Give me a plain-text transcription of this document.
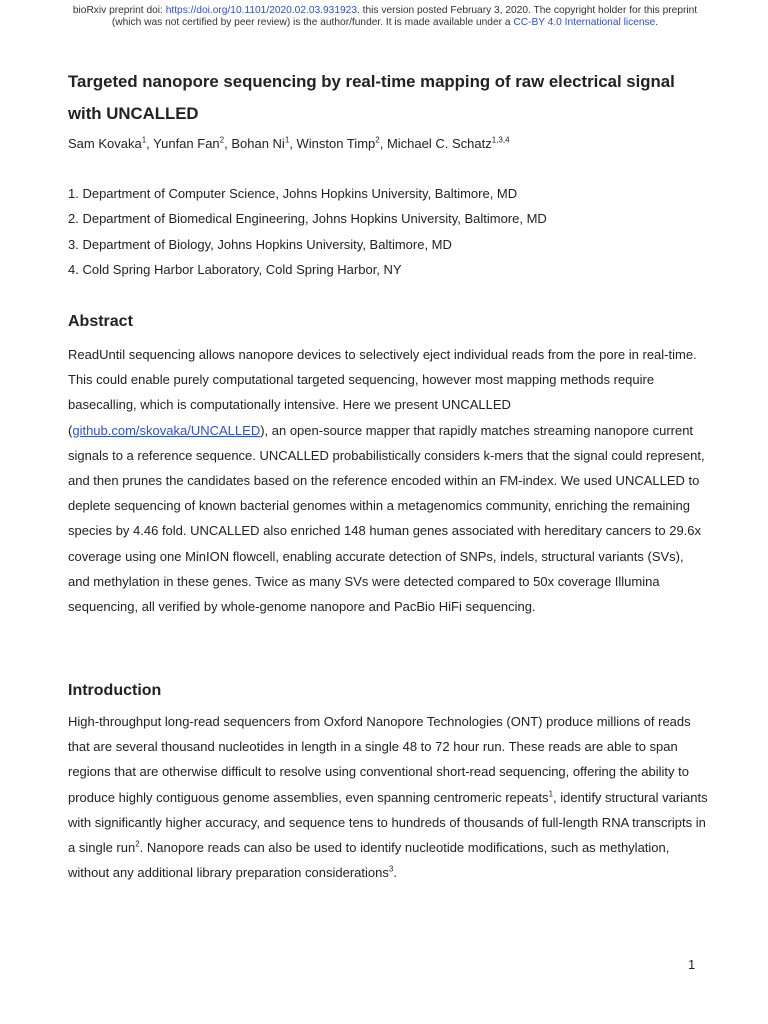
bioRxiv preprint doi: https://doi.org/10.1101/2020.02.03.931923. this version posted February 3, 2020. The copyright holder for this preprint
(which was not certified by peer review) is the author/funder. It is made available under a CC-BY 4.0 International license.
Targeted nanopore sequencing by real-time mapping of raw electrical signal with UNCALLED
Sam Kovaka$^1$, Yunfan Fan$^2$, Bohan Ni$^1$, Winston Timp$^2$, Michael C. Schatz$^{1,3,4}$
1. Department of Computer Science, Johns Hopkins University, Baltimore, MD
2. Department of Biomedical Engineering, Johns Hopkins University, Baltimore, MD
3. Department of Biology, Johns Hopkins University, Baltimore, MD
4. Cold Spring Harbor Laboratory, Cold Spring Harbor, NY
Abstract

ReadUntil sequencing allows nanopore devices to selectively eject individual reads from the pore in real-time. This could enable purely computational targeted sequencing, however most mapping methods require basecalling, which is computationally intensive. Here we present UNCALLED (github.com/skovaka/UNCALLED), an open-source mapper that rapidly matches streaming nanopore current signals to a reference sequence. UNCALLED probabilistically considers k-mers that the signal could represent, and then prunes the candidates based on the reference encoded within an FM-index. We used UNCALLED to deplete sequencing of known bacterial genomes within a metagenomics community, enriching the remaining species by 4.46 fold. UNCALLED also enriched 148 human genes associated with hereditary cancers to 29.6x coverage using one MinION flowcell, enabling accurate detection of SNPs, indels, structural variants (SVs), and methylation in these genes. Twice as many SVs were detected compared to 50x coverage Illumina sequencing, all verified by whole-genome nanopore and PacBio HiFi sequencing.

Introduction

High-throughput long-read sequencers from Oxford Nanopore Technologies (ONT) produce millions of reads that are several thousand nucleotides in length in a single 48 to 72 hour run. These reads are able to span regions that are otherwise difficult to resolve using conventional short-read sequencing, offering the ability to produce highly contiguous genome assemblies, even spanning centromeric repeats$^1$, identify structural variants with significantly higher accuracy, and sequence tens to hundreds of thousands of full-length RNA transcripts in a single run$^2$. Nanopore reads can also be used to identify nucleotide modifications, such as methylation, without any additional library preparation considerations$^3$.

1
